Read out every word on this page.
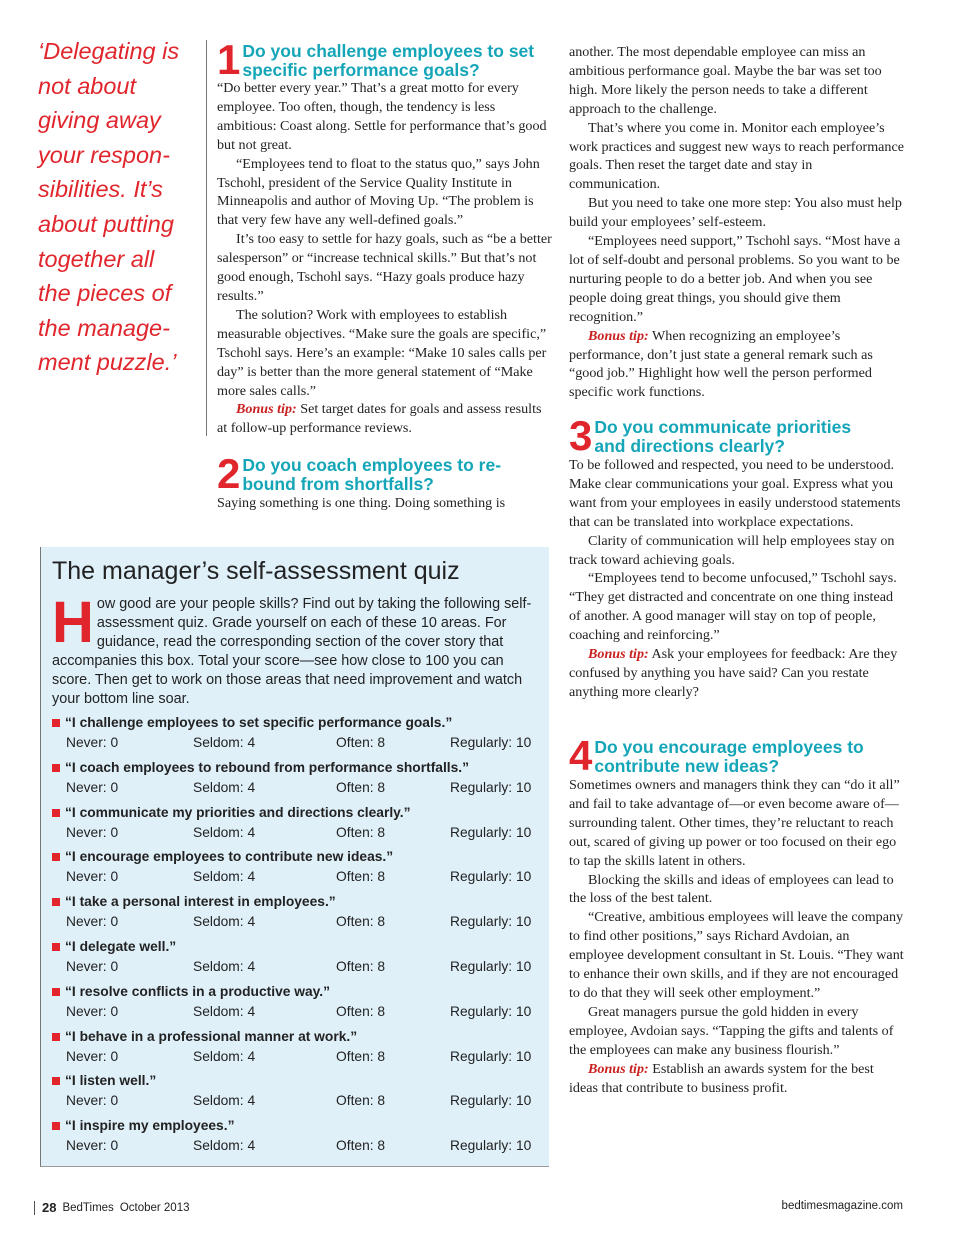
‘Delegating is
not about
giving away
your respon-
sibilities. It’s
about putting
together all
the pieces of
the manage-
ment puzzle.’
1 Do you challenge employees to set
specific performance goals?

“Do better every year.” That’s a great motto for every employee. Too often, though, the tendency is less ambitious: Coast along. Settle for performance that’s good but not great.

“Employees tend to float to the status quo,” says John Tschohl, president of the Service Quality Institute in Minneapolis and author of Moving Up. “The problem is that very few have any well-defined goals.”

It’s too easy to settle for hazy goals, such as “be a better salesperson” or “increase technical skills.” But that’s not good enough, Tschohl says. “Hazy goals produce hazy results.”

The solution? Work with employees to establish measurable objectives. “Make sure the goals are specific,” Tschohl says. Here’s an example: “Make 10 sales calls per day” is better than the more general statement of “Make more sales calls.”

Bonus tip: Set target dates for goals and assess results at follow-up performance reviews.

2 Do you coach employees to re-
bound from shortfalls?

Saying something is one thing. Doing something is

another. The most dependable employee can miss an ambitious performance goal. Maybe the bar was set too high. More likely the person needs to take a different approach to the challenge.

That’s where you come in. Monitor each employee’s work practices and suggest new ways to reach performance goals. Then reset the target date and stay in communication.

But you need to take one more step: You also must help build your employees’ self-esteem.

“Employees need support,” Tschohl says. “Most have a lot of self-doubt and personal problems. So you want to be nurturing people to do a better job. And when you see people doing great things, you should give them recognition.”

Bonus tip: When recognizing an employee’s performance, don’t just state a general remark such as “good job.” Highlight how well the person performed specific work functions.

3 Do you communicate priorities
and directions clearly?

To be followed and respected, you need to be understood. Make clear communications your goal. Express what you want from your employees in easily understood statements that can be translated into workplace expectations.

Clarity of communication will help employees stay on track toward achieving goals.

“Employees tend to become unfocused,” Tschohl says. “They get distracted and concentrate on one thing instead of another. A good manager will stay on top of people, coaching and reinforcing.”

Bonus tip: Ask your employees for feedback: Are they confused by anything you have said? Can you restate anything more clearly?

4 Do you encourage employees to
contribute new ideas?

Sometimes owners and managers think they can “do it all” and fail to take advantage of—or even become aware of—surrounding talent. Other times, they’re reluctant to reach out, scared of giving up power or too focused on their ego to tap the skills latent in others.

Blocking the skills and ideas of employees can lead to the loss of the best talent.

“Creative, ambitious employees will leave the company to find other positions,” says Richard Avdoian, an employee development consultant in St. Louis. “They want to enhance their own skills, and if they are not encouraged to do that they will seek other employment.”

Great managers pursue the gold hidden in every employee, Avdoian says. “Tapping the gifts and talents of the employees can make any business flourish.”

Bonus tip: Establish an awards system for the best ideas that contribute to business profit.

The manager’s self-assessment quiz
How good are your people skills? Find out by taking the following self-assessment quiz. Grade yourself on each of these 10 areas. For guidance, read the corresponding section of the cover story that accompanies this box. Total your score—see how close to 100 you can score. Then get to work on those areas that need improvement and watch your bottom line soar.
“I challenge employees to set specific performance goals.”
Never: 0	Seldom: 4	Often: 8	Regularly: 10
“I coach employees to rebound from performance shortfalls.”
Never: 0	Seldom: 4	Often: 8	Regularly: 10
“I communicate my priorities and directions clearly.”
Never: 0	Seldom: 4	Often: 8	Regularly: 10
“I encourage employees to contribute new ideas.”
Never: 0	Seldom: 4	Often: 8	Regularly: 10
“I take a personal interest in employees.”
Never: 0	Seldom: 4	Often: 8	Regularly: 10
“I delegate well.”
Never: 0	Seldom: 4	Often: 8	Regularly: 10
“I resolve conflicts in a productive way.”
Never: 0	Seldom: 4	Often: 8	Regularly: 10
“I behave in a professional manner at work.”
Never: 0	Seldom: 4	Often: 8	Regularly: 10
“I listen well.”
Never: 0	Seldom: 4	Often: 8	Regularly: 10
“I inspire my employees.”
Never: 0	Seldom: 4	Often: 8	Regularly: 10
28 BedTimes October 2013	bedtimesmagazine.com
